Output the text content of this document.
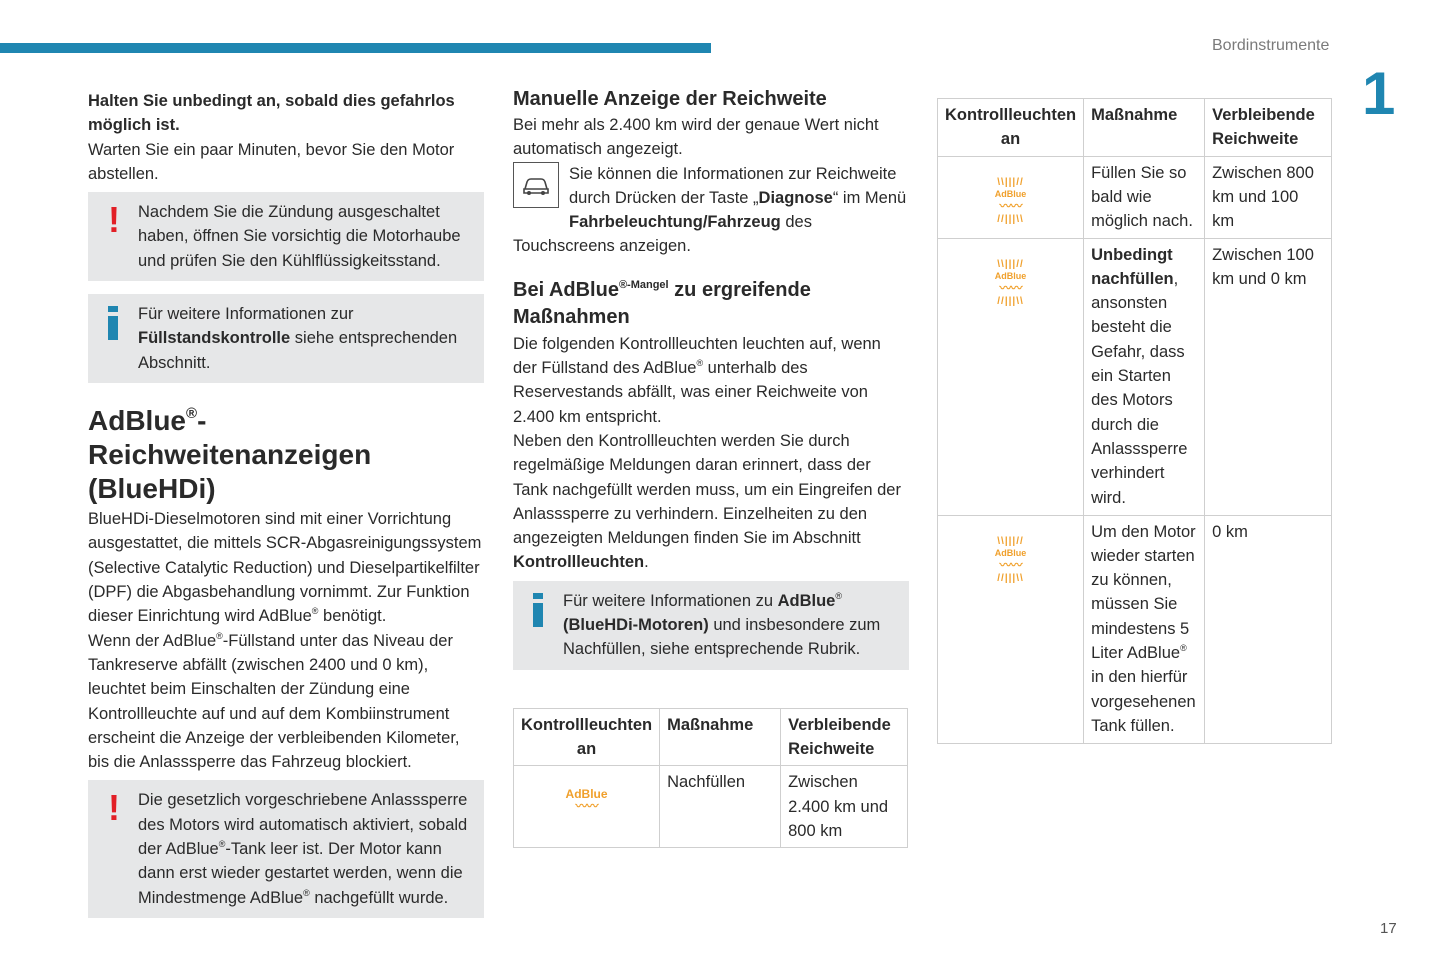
Bordinstrumente
1
17

Halten Sie unbedingt an, sobald dies gefahrlos möglich ist.

Warten Sie ein paar Minuten, bevor Sie den Motor abstellen.

!	Nachdem Sie die Zündung ausgeschaltet haben, öffnen Sie vorsichtig die Motorhaube und prüfen Sie den Kühlflüssigkeitsstand.

Für weitere Informationen zur Füllstandskontrolle siehe entsprechenden Abschnitt.

AdBlue®-Reichweitenanzeigen (BlueHDi)

BlueHDi-Dieselmotoren sind mit einer Vorrichtung ausgestattet, die mittels SCR-Abgasreinigungssystem (Selective Catalytic Reduction) und Dieselpartikelfilter (DPF) die Abgasbehandlung vornimmt. Zur Funktion dieser Einrichtung wird AdBlue® benötigt.

Wenn der AdBlue®-Füllstand unter das Niveau der Tankreserve abfällt (zwischen 2400 und 0 km), leuchtet beim Einschalten der Zündung eine Kontrollleuchte auf und auf dem Kombiinstrument erscheint die Anzeige der verbleibenden Kilometer, bis die Anlasssperre das Fahrzeug blockiert.

!	Die gesetzlich vorgeschriebene Anlasssperre des Motors wird automatisch aktiviert, sobald der AdBlue®-Tank leer ist. Der Motor kann dann erst wieder gestartet werden, wenn die Mindestmenge AdBlue® nachgefüllt wurde.

Manuelle Anzeige der Reichweite

Bei mehr als 2.400 km wird der genaue Wert nicht automatisch angezeigt.

Sie können die Informationen zur Reichweite durch Drücken der Taste „Diagnose“ im Menü Fahrbeleuchtung/Fahrzeug des Touchscreens anzeigen.

Bei AdBlue$^{®-Mangel}$ zu ergreifende Maßnahmen

Die folgenden Kontrollleuchten leuchten auf, wenn der Füllstand des AdBlue® unterhalb des Reservestands abfällt, was einer Reichweite von 2.400 km entspricht.

Neben den Kontrollleuchten werden Sie durch regelmäßige Meldungen daran erinnert, dass der Tank nachgefüllt werden muss, um ein Eingreifen der Anlasssperre zu verhindern. Einzelheiten zu den angezeigten Meldungen finden Sie im Abschnitt Kontrollleuchten.

Für weitere Informationen zu AdBlue® (BlueHDi-Motoren) und insbesondere zum Nachfüllen, siehe entsprechende Rubrik.

Kontrollleuchten an	Maßnahme	Verbleibende Reichweite
AdBlue
〰〰	Nachfüllen	Zwischen 2.400 km und 800 km
Kontrollleuchten an	Maßnahme	Verbleibende Reichweite
\\|||//
AdBlue
〰〰
//|||\\	Füllen Sie so bald wie möglich nach.	Zwischen 800 km und 100 km
\\|||//
AdBlue
〰〰
//|||\\	Unbedingt nachfüllen, ansonsten besteht die Gefahr, dass ein Starten des Motors durch die Anlasssperre verhindert wird.	Zwischen 100 km und 0 km
\\|||//
AdBlue
〰〰
//|||\\	Um den Motor wieder starten zu können, müssen Sie mindestens 5 Liter AdBlue® in den hierfür vorgesehenen Tank füllen.	0 km
